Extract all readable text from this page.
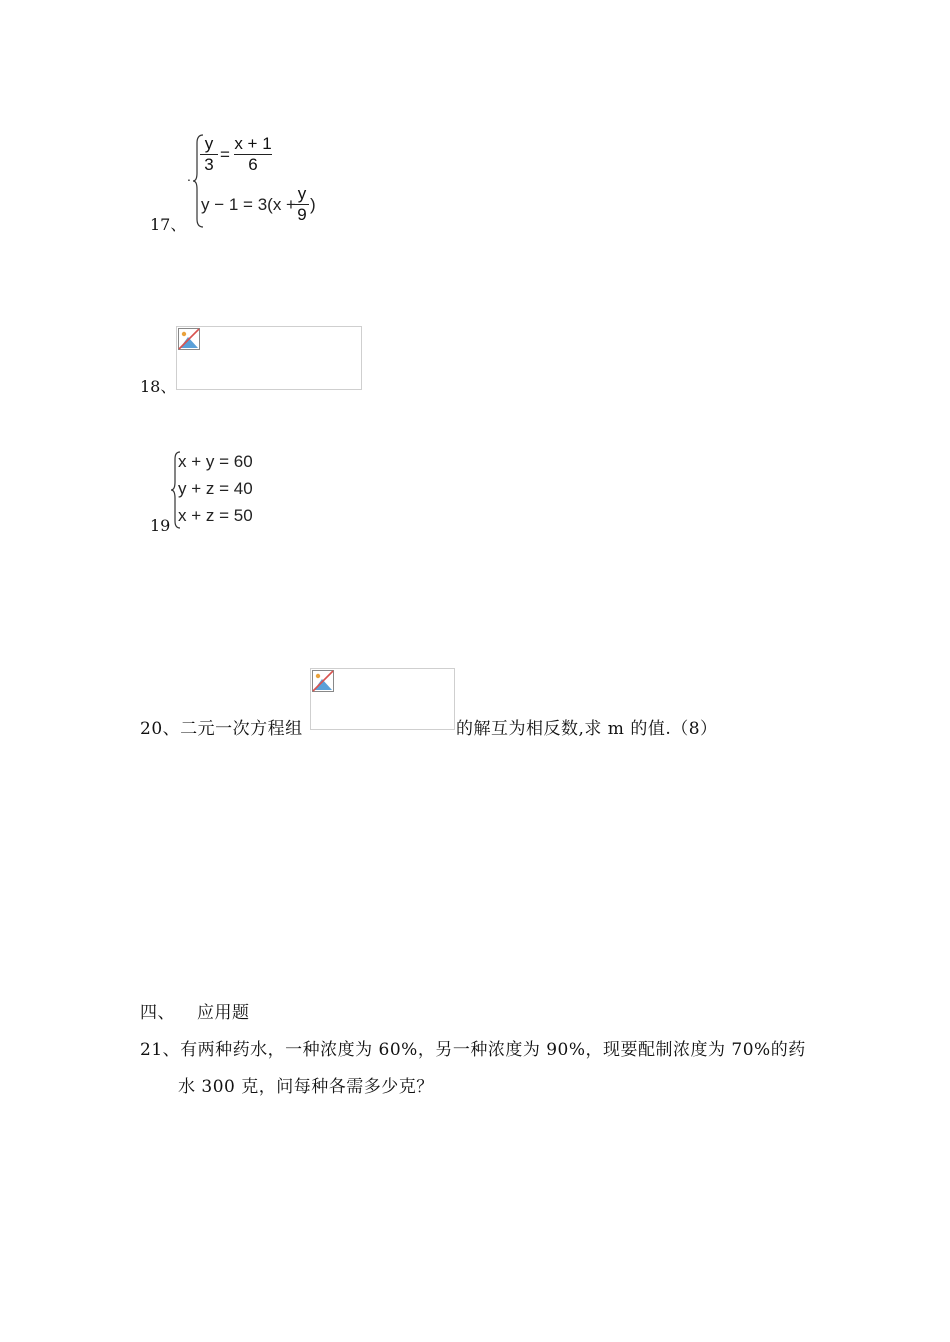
17、
.
y
3
=
x + 1
6
y − 1 = 3(x +
y
9
)
18、
19
x + y = 60
y + z = 40
x + z = 50
20、二元一次方程组	的解互为相反数,求 m 的值.（8）
四、 应用题
21、有两种药水，一种浓度为 60%，另一种浓度为 90%，现要配制浓度为 70%的药
水 300 克，问每种各需多少克？
